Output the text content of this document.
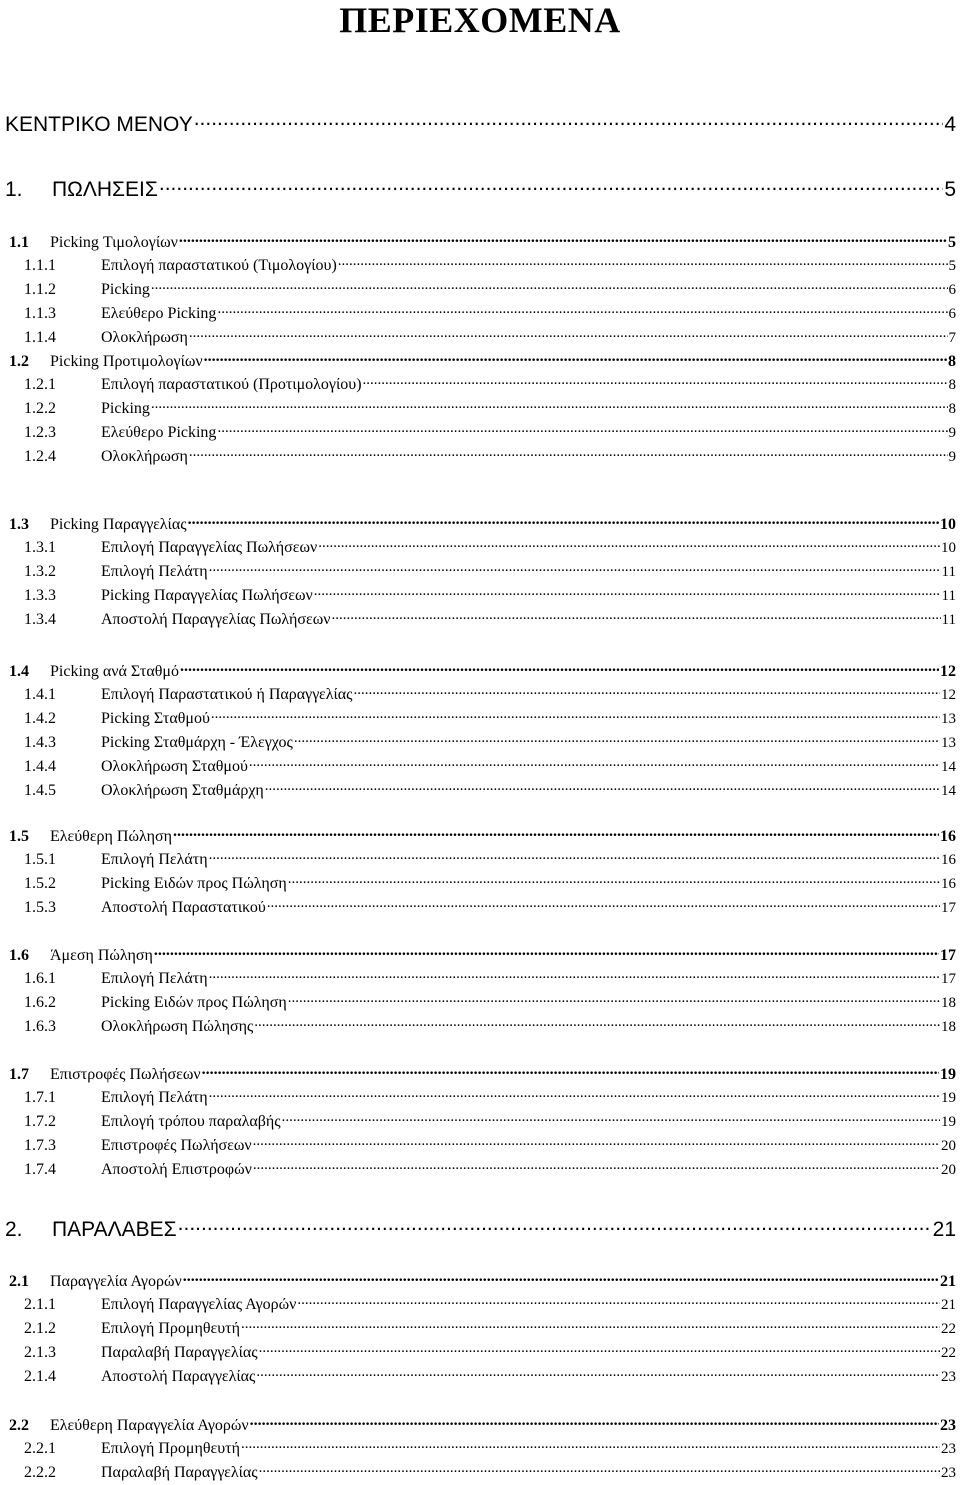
ΠΕΡΙΕΧΟΜΕΝΑ
ΚΕΝΤΡΙΚΟ ΜΕΝΟΥ .....	4
1.	ΠΩΛΗΣΕΙΣ .....	5
1.1	Picking Τιμολογίων .....	5
1.1.1	Επιλογή παραστατικού (Τιμολογίου) .....	5
1.1.2	Picking .....	6
1.1.3	Ελεύθερο Picking .....	6
1.1.4	Ολοκλήρωση .....	7
1.2	Picking Προτιμολογίων .....	8
1.2.1	Επιλογή παραστατικού (Προτιμολογίου) .....	8
1.2.2	Picking .....	8
1.2.3	Ελεύθερο Picking .....	9
1.2.4	Ολοκλήρωση .....	9
1.3	Picking Παραγγελίας .....	10
1.3.1	Επιλογή Παραγγελίας Πωλήσεων .....	10
1.3.2	Επιλογή Πελάτη .....	11
1.3.3	Picking Παραγγελίας Πωλήσεων .....	11
1.3.4	Αποστολή Παραγγελίας Πωλήσεων .....	11
1.4	Picking ανά Σταθμό .....	12
1.4.1	Επιλογή Παραστατικού ή Παραγγελίας .....	12
1.4.2	Picking Σταθμού .....	13
1.4.3	Picking Σταθμάρχη - Έλεγχος .....	13
1.4.4	Ολοκλήρωση Σταθμού .....	14
1.4.5	Ολοκλήρωση Σταθμάρχη .....	14
1.5	Ελεύθερη Πώληση .....	16
1.5.1	Επιλογή Πελάτη .....	16
1.5.2	Picking Ειδών προς Πώληση .....	16
1.5.3	Αποστολή Παραστατικού .....	17
1.6	Άμεση Πώληση .....	17
1.6.1	Επιλογή Πελάτη .....	17
1.6.2	Picking Ειδών προς Πώληση .....	18
1.6.3	Ολοκλήρωση Πώλησης .....	18
1.7	Επιστροφές Πωλήσεων .....	19
1.7.1	Επιλογή Πελάτη .....	19
1.7.2	Επιλογή τρόπου παραλαβής .....	19
1.7.3	Επιστροφές Πωλήσεων .....	20
1.7.4	Αποστολή Επιστροφών .....	20
2.	ΠΑΡΑΛΑΒΕΣ .....	21
2.1	Παραγγελία Αγορών .....	21
2.1.1	Επιλογή Παραγγελίας Αγορών .....	21
2.1.2	Επιλογή Προμηθευτή .....	22
2.1.3	Παραλαβή Παραγγελίας .....	22
2.1.4	Αποστολή Παραγγελίας .....	23
2.2	Ελεύθερη Παραγγελία Αγορών .....	23
2.2.1	Επιλογή Προμηθευτή .....	23
2.2.2	Παραλαβή Παραγγελίας .....	23
